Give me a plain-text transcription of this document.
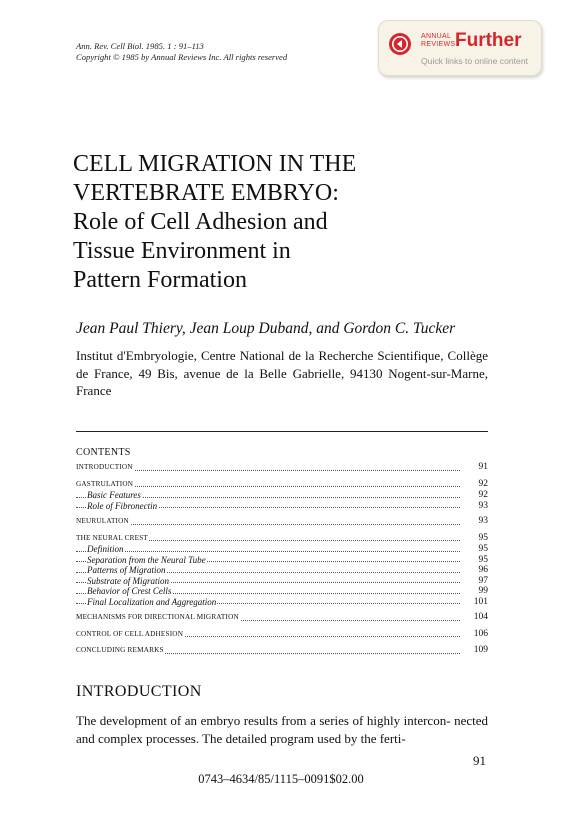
Ann. Rev. Cell Biol. 1985. 1 : 91–113
Copyright © 1985 by Annual Reviews Inc. All rights reserved
ANNUAL
REVIEWS Further
Quick links to online content
CELL MIGRATION IN THE
VERTEBRATE EMBRYO:
Role of Cell Adhesion and
Tissue Environment in
Pattern Formation
Jean Paul Thiery, Jean Loup Duband, and Gordon C. Tucker
Institut d'Embryologie, Centre National de la Recherche Scientifique, Collège de France, 49 Bis, avenue de la Belle Gabrielle, 94130 Nogent-sur-Marne, France
CONTENTS
INTRODUCTION	91
GASTRULATION	92
Basic Features	92
Role of Fibronectin	93
NEURULATION	93
THE NEURAL CREST	95
Definition	95
Separation from the Neural Tube	95
Patterns of Migration	96
Substrate of Migration	97
Behavior of Crest Cells	99
Final Localization and Aggregation	101
MECHANISMS FOR DIRECTIONAL MIGRATION	104
CONTROL OF CELL ADHESION	106
CONCLUDING REMARKS	109
INTRODUCTION
The development of an embryo results from a series of highly intercon- nected and complex processes. The detailed program used by the ferti-
91
0743–4634/85/1115–0091$02.00
